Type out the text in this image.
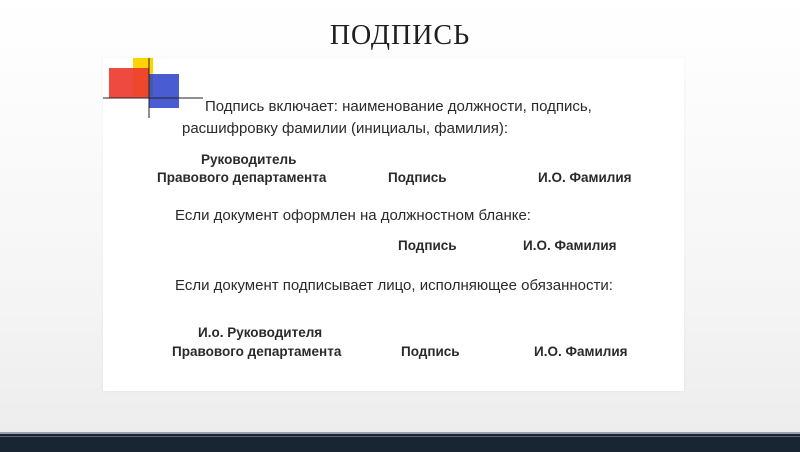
ПОДПИСЬ
Подпись включает: наименование должности, подпись,
расшифровку фамилии (инициалы, фамилия):
Руководитель
Правового департамента	Подпись	И.О. Фамилия
Если документ оформлен на должностном бланке:
Подпись	И.О. Фамилия
Если документ подписывает лицо, исполняющее обязанности:
И.о. Руководителя
Правового департамента	Подпись	И.О. Фамилия
